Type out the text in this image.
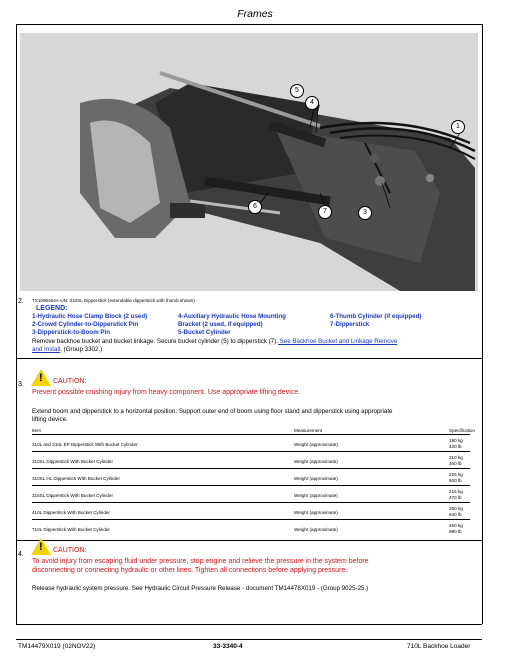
Frames
1
5
4
3
6
7
2. TX1095464A-UN: 310SL Dipperstick (extendable dipperstick with thumb shown)
LEGEND:
1-Hydraulic Hose Clamp Block (2 used)
2-Crowd Cylinder-to-Dipperstick Pin
3-Dipperstick-to-Boom Pin
4-Auxiliary Hydraulic Hose Mounting
Bracket (2 used, if equipped)
5-Bucket Cylinder
6-Thumb Cylinder (if equipped)
7-Dipperstick
Remove backhoe bucket and bucket linkage. Secure bucket cylinder (5) to dipperstick (7). See Backhoe Bucket and Linkage Remove
and Install. (Group 3302.)
3.
! CAUTION:
Prevent possible crushing injury from heavy component. Use appropriate lifting device.
Extend boom and dipperstick to a horizontal position. Support outer end of boom using floor stand and dipperstick using appropriate
lifting device.
Item	Measurement	Specification
310L and 310L EP Dipperstick With Bucket Cylinder	Weight (approximate)
190 kg
420 lb
310SL Dipperstick With Bucket Cylinder	Weight (approximate)
210 kg
460 lb
310SL HL Dipperstick With Bucket Cylinder	Weight (approximate)
225 kg
500 lb
315SL Dipperstick With Bucket Cylinder	Weight (approximate)
215 kg
470 lb
410L Dipperstick With Bucket Cylinder	Weight (approximate)
290 kg
640 lb
710L Dipperstick With Bucket Cylinder	Weight (approximate)
450 kg
990 lb
4.
! CAUTION:
To avoid injury from escaping fluid under pressure, stop engine and relieve the pressure in the system before
disconnecting or connecting hydraulic or other lines. Tighten all connections before applying pressure.
Release hydraulic system pressure. See Hydraulic Circuit Pressure Release - document TM14478X019 - (Group 9025-25.)
TM14479X019 (02NOV22)	33-3340-4	710L Backhoe Loader
